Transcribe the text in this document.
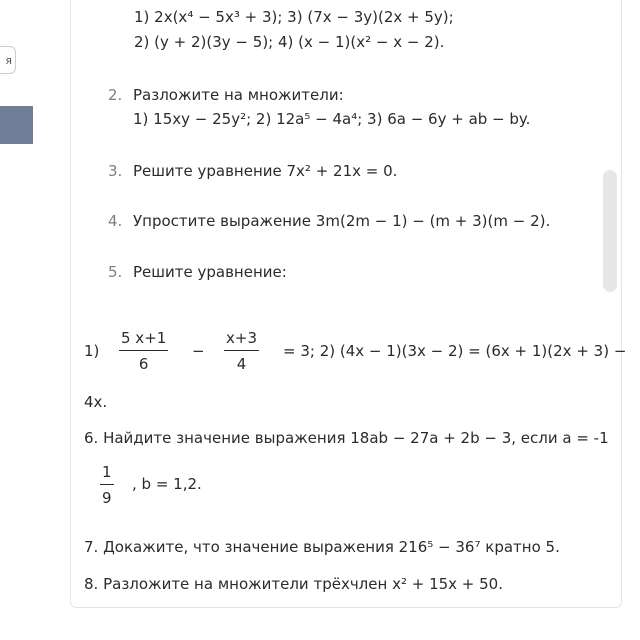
я
1) 2x(x⁴ − 5x³ + 3); 3) (7x − 3y)(2x + 5y);
2) (y + 2)(3y − 5); 4) (x − 1)(x² − x − 2).
2. Разложите на множители:
1) 15xy − 25y²; 2) 12a⁵ − 4a⁴; 3) 6a − 6y + ab − by.
3. Решите уравнение 7x² + 21x = 0.
4. Упростите выражение 3m(2m − 1) − (m + 3)(m − 2).
5. Решите уравнение:
$1) \frac{5 x+1}{6} - \frac{x+3}{4} = 3$; 2) (4x − 1)(3x − 2) = (6x + 1)(2x + 3) −
4x.
6. Найдите значение выражения 18ab − 27a + 2b − 3, если a = -1
$\frac{1}{9}$ , b = 1,2.
7. Докажите, что значение выражения 216⁵ − 36⁷ кратно 5.
8. Разложите на множители трёхчлен x² + 15x + 50.
